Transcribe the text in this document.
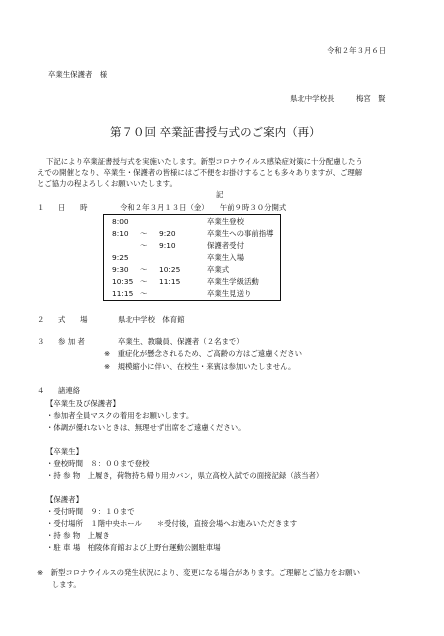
令和２年３月６日
卒業生保護者　様
県北中学校長	梅宮　賢
第７０回 卒業証書授与式のご案内（再）
下記により卒業証書授与式を実施いたします。新型コロナウイルス感染症対策に十分配慮したう
えでの開催となり、卒業生・保護者の皆様にはご不便をお掛けすることも多々ありますが、ご理解
とご協力の程よろしくお願いいたします。
記
１ 日　　時	令和２年３月１３日（金）　　午前９時３０分開式
8:00	卒業生登校
8:10 ～ 9:20	卒業生への事前指導
～ 9:10	保護者受付
9:25	卒業生入場
9:30 ～ 10:25	卒業式
10:35 ～ 11:15	卒業生学級活動
11:15 ～	卒業生見送り
２ 式　　場	県北中学校　体育館
３ 参 加 者	卒業生、教職員、保護者（２名まで）
※　重症化が懸念されるため、ご高齢の方はご遠慮ください
※　規模縮小に伴い、在校生・来賓は参加いたしません。
４ 諸連絡
【卒業生及び保護者】
・参加者全員マスクの着用をお願いします。
・体調が優れないときは、無理せず出席をご遠慮ください。
【卒業生】
・登校時間　８：００まで登校
・持 参 物　上履き，荷物持ち帰り用カバン，県立高校入試での面接記録（該当者）
【保護者】
・受付時間　９：１０まで
・受付場所　１階中央ホール　　＊受付後，直接会場へお進みいただきます
・持 参 物　上履き
・駐 車 場　柏陵体育館および上野台運動公園駐車場
※　新型コロナウイルスの発生状況により、変更になる場合があります。ご理解とご協力をお願い
　　します。
